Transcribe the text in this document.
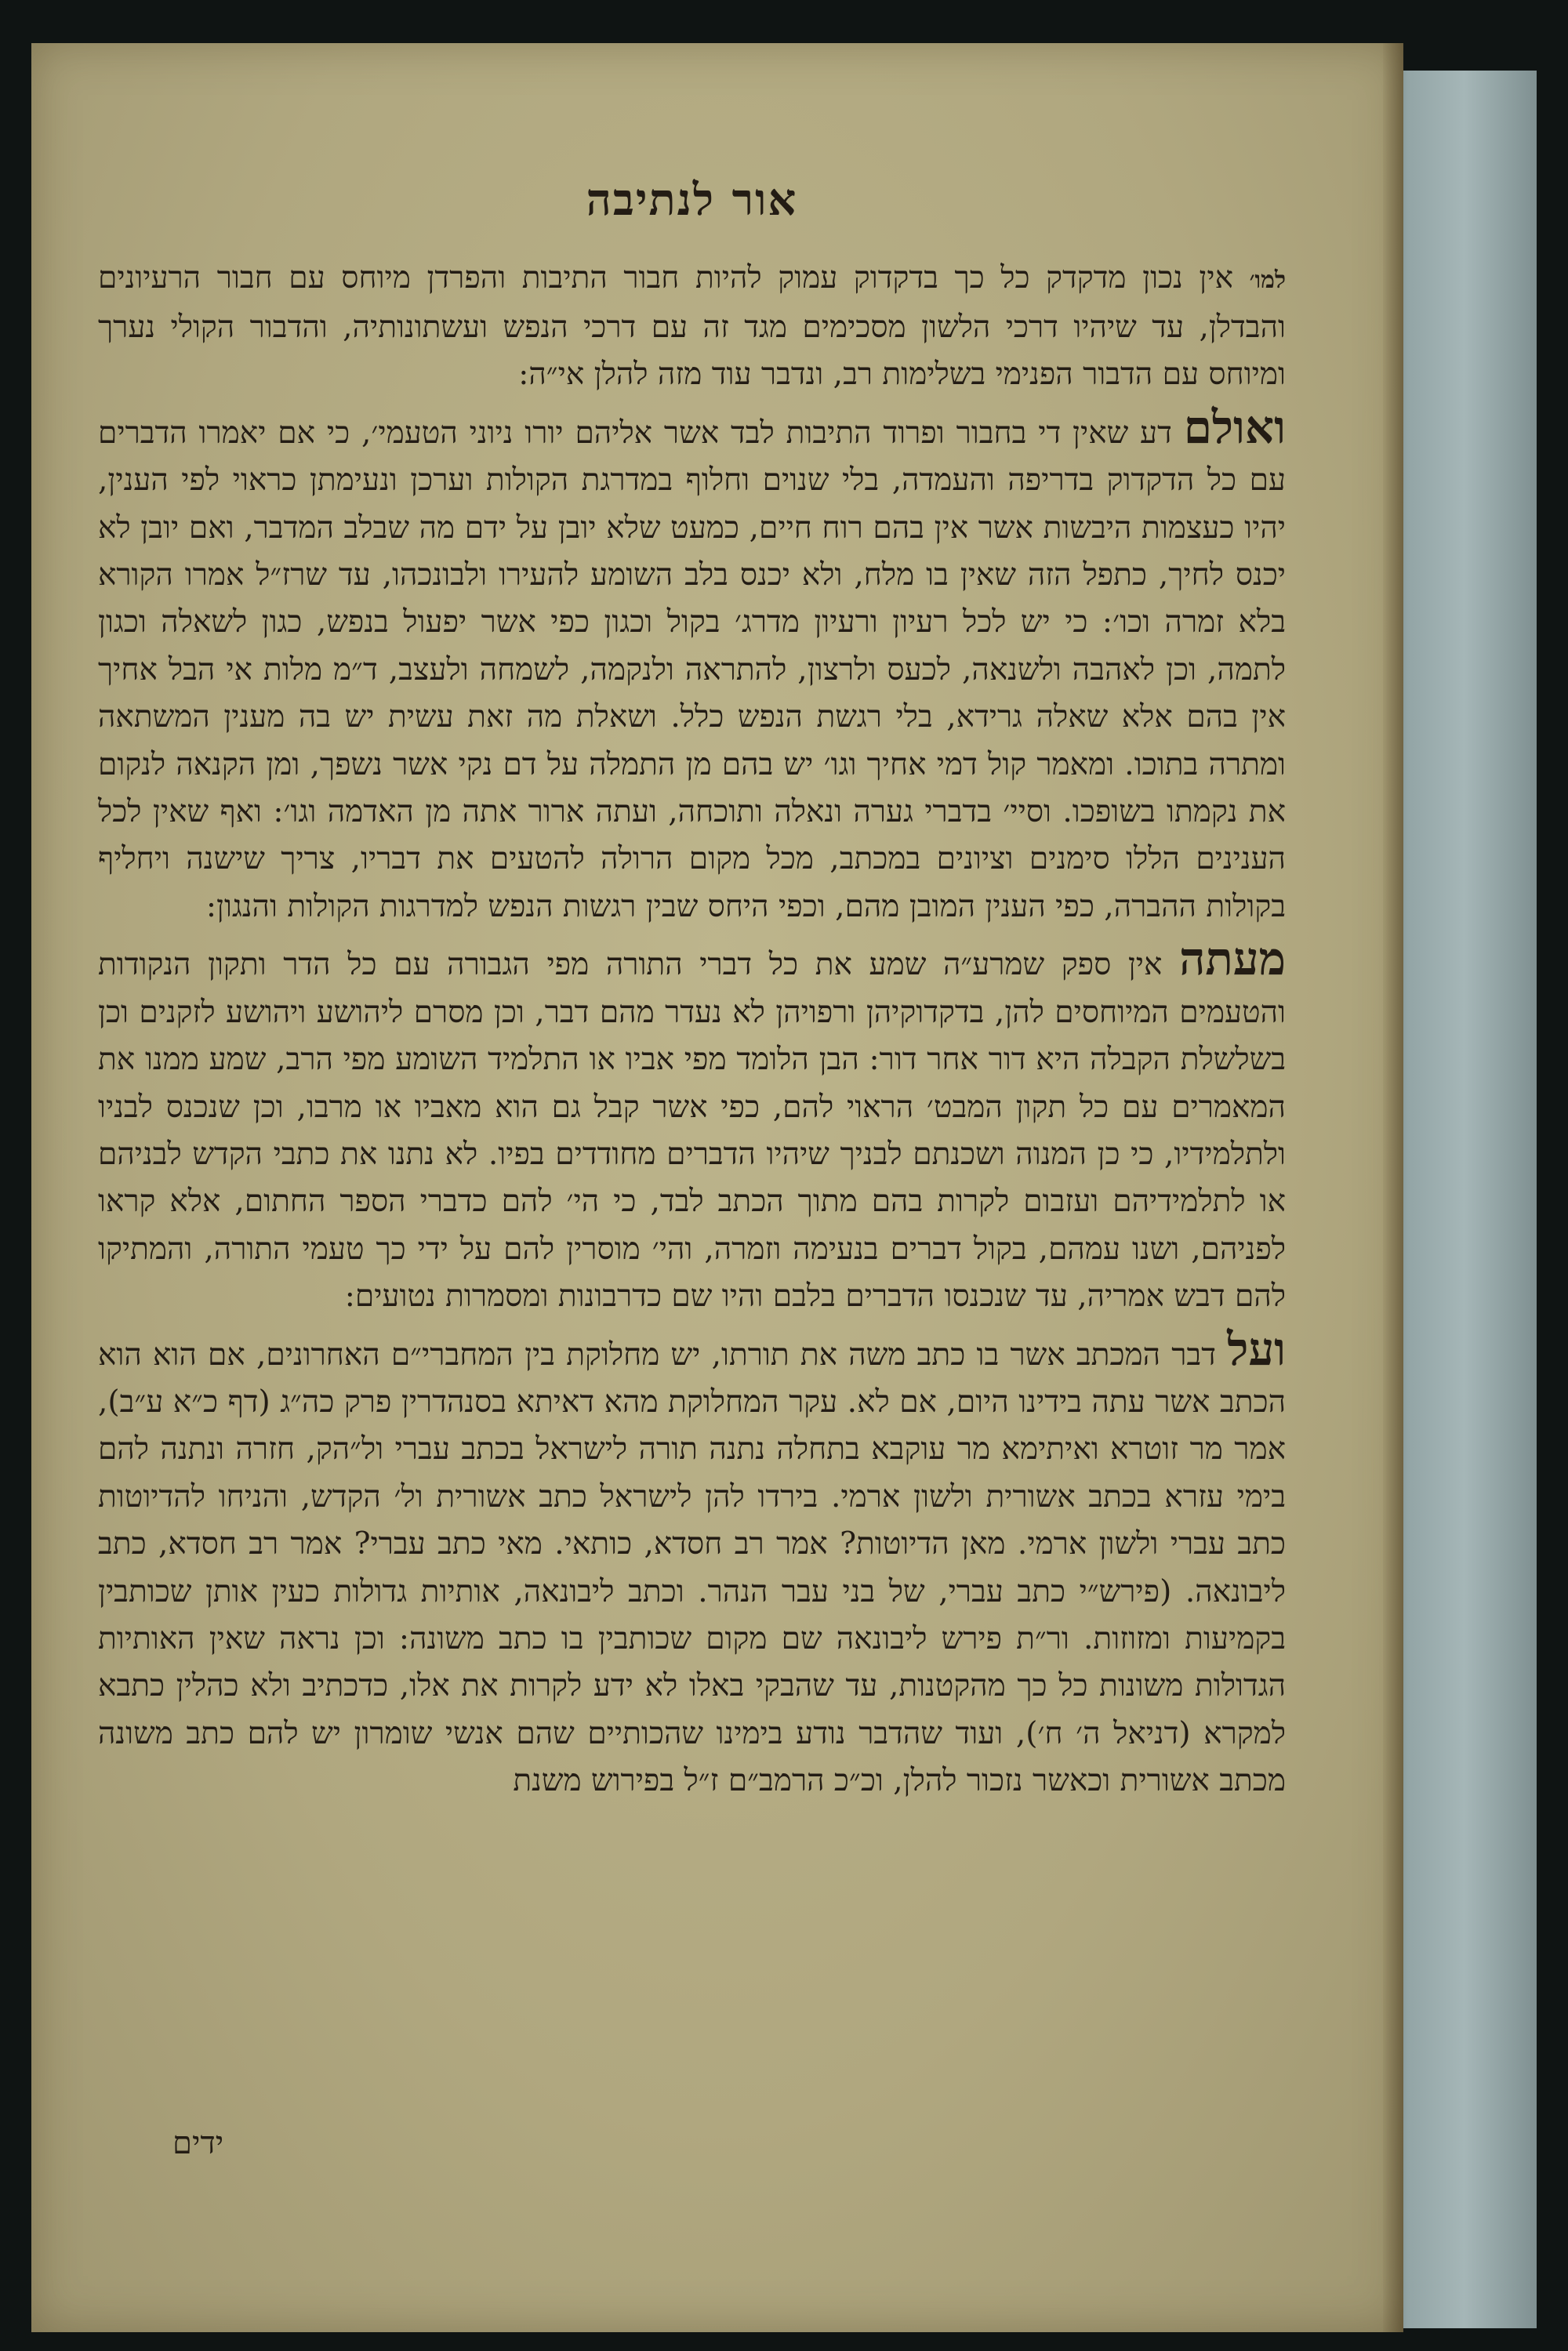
אור לנתיבה

למו׳ אין נכון מדקדק כל כך בדקדוק עמוק להיות חבור התיבות והפרדן מיוחס עם חבור הרעיונים והבדלן, עד שיהיו דרכי הלשון מסכימים מגד זה עם דרכי הנפש ועשתונותיה, והדבור הקולי נערך ומיוחס עם הדבור הפנימי בשלימות רב, ונדבר עוד מזה להלן אי״ה:

ואולם דע שאין די בחבור ופרוד התיבות לבד אשר אליהם יורו ניוני הטעמי׳, כי אם יאמרו הדברים עם כל הדקדוק בדריפה והעמדה, בלי שנוים וחלוף במדרגת הקולות וערכן ונעימתן כראוי לפי הענין, יהיו כעצמות היבשות אשר אין בהם רוח חיים, כמעט שלא יובן על ידם מה שבלב המדבר, ואם יובן לא יכנס לחיך, כתפל הזה שאין בו מלח, ולא יכנס בלב השומע להעירו ולבונכהו, עד שרז״ל אמרו הקורא בלא זמרה וכו׳: כי יש לכל רעיון ורעיון מדרג׳ בקול וכגון כפי אשר יפעול בנפש, כגון לשאלה וכגון לתמה, וכן לאהבה ולשנאה, לכעס ולרצון, להתראה ולנקמה, לשמחה ולעצב, ד״מ מלות אי הבל אחיך אין בהם אלא שאלה גרידא, בלי רגשת הנפש כלל. ושאלת מה זאת עשית יש בה מענין המשתאה ומתרה בתוכו. ומאמר קול דמי אחיך וגו׳ יש בהם מן התמלה על דם נקי אשר נשפך, ומן הקנאה לנקום את נקמתו בשופכו. וסיי׳ בדברי גערה ונאלה ותוכחה, ועתה ארור אתה מן האדמה וגו׳: ואף שאין לכל הענינים הללו סימנים וציונים במכתב, מכל מקום הרולה להטעים את דבריו, צריך שישנה ויחליף בקולות ההברה, כפי הענין המובן מהם, וכפי היחס שבין רגשות הנפש למדרגות הקולות והנגון:

מעתה אין ספק שמרע״ה שמע את כל דברי התורה מפי הגבורה עם כל הדר ותקון הנקודות והטעמים המיוחסים להן, בדקדוקיהן ורפויהן לא נעדר מהם דבר, וכן מסרם ליהושע ויהושע לזקנים וכן בשלשלת הקבלה היא דור אחר דור: הבן הלומד מפי אביו או התלמיד השומע מפי הרב, שמע ממנו את המאמרים עם כל תקון המבט׳ הראוי להם, כפי אשר קבל גם הוא מאביו או מרבו, וכן שנכנס לבניו ולתלמידיו, כי כן המנוה ושכנתם לבניך שיהיו הדברים מחודדים בפיו. לא נתנו את כתבי הקדש לבניהם או לתלמידיהם ועזבום לקרות בהם מתוך הכתב לבד, כי הי׳ להם כדברי הספר החתום, אלא קראו לפניהם, ושנו עמהם, בקול דברים בנעימה וזמרה, והי׳ מוסרין להם על ידי כך טעמי התורה, והמתיקו להם דבש אמריה, עד שנכנסו הדברים בלבם והיו שם כדרבונות ומסמרות נטועים:

ועל דבר המכתב אשר בו כתב משה את תורתו, יש מחלוקת בין המחברי״ם האחרונים, אם הוא הוא הכתב אשר עתה בידינו היום, אם לא. עקר המחלוקת מהא דאיתא בסנהדרין פרק כה״ג (דף כ״א ע״ב), אמר מר זוטרא ואיתימא מר עוקבא בתחלה נתנה תורה לישראל בכתב עברי ול״הק, חזרה ונתנה להם בימי עזרא בכתב אשורית ולשון ארמי. בירדו להן לישראל כתב אשורית ול׳ הקדש, והניחו להדיוטות כתב עברי ולשון ארמי. מאן הדיוטות? אמר רב חסדא, כותאי. מאי כתב עברי? אמר רב חסדא, כתב ליבונאה. (פירש״י כתב עברי, של בני עבר הנהר. וכתב ליבונאה, אותיות גדולות כעין אותן שכותבין בקמיעות ומזוזות. ור״ת פירש ליבונאה שם מקום שכותבין בו כתב משונה: וכן נראה שאין האותיות הגדולות משונות כל כך מהקטנות, עד שהבקי באלו לא ידע לקרות את אלו, כדכתיב ולא כהלין כתבא למקרא (דניאל ה׳ ח׳), ועוד שהדבר נודע בימינו שהכותיים שהם אנשי שומרון יש להם כתב משונה מכתב אשורית וכאשר נזכור להלן, וכ״כ הרמב״ם ז״ל בפירוש משנת

ידים
